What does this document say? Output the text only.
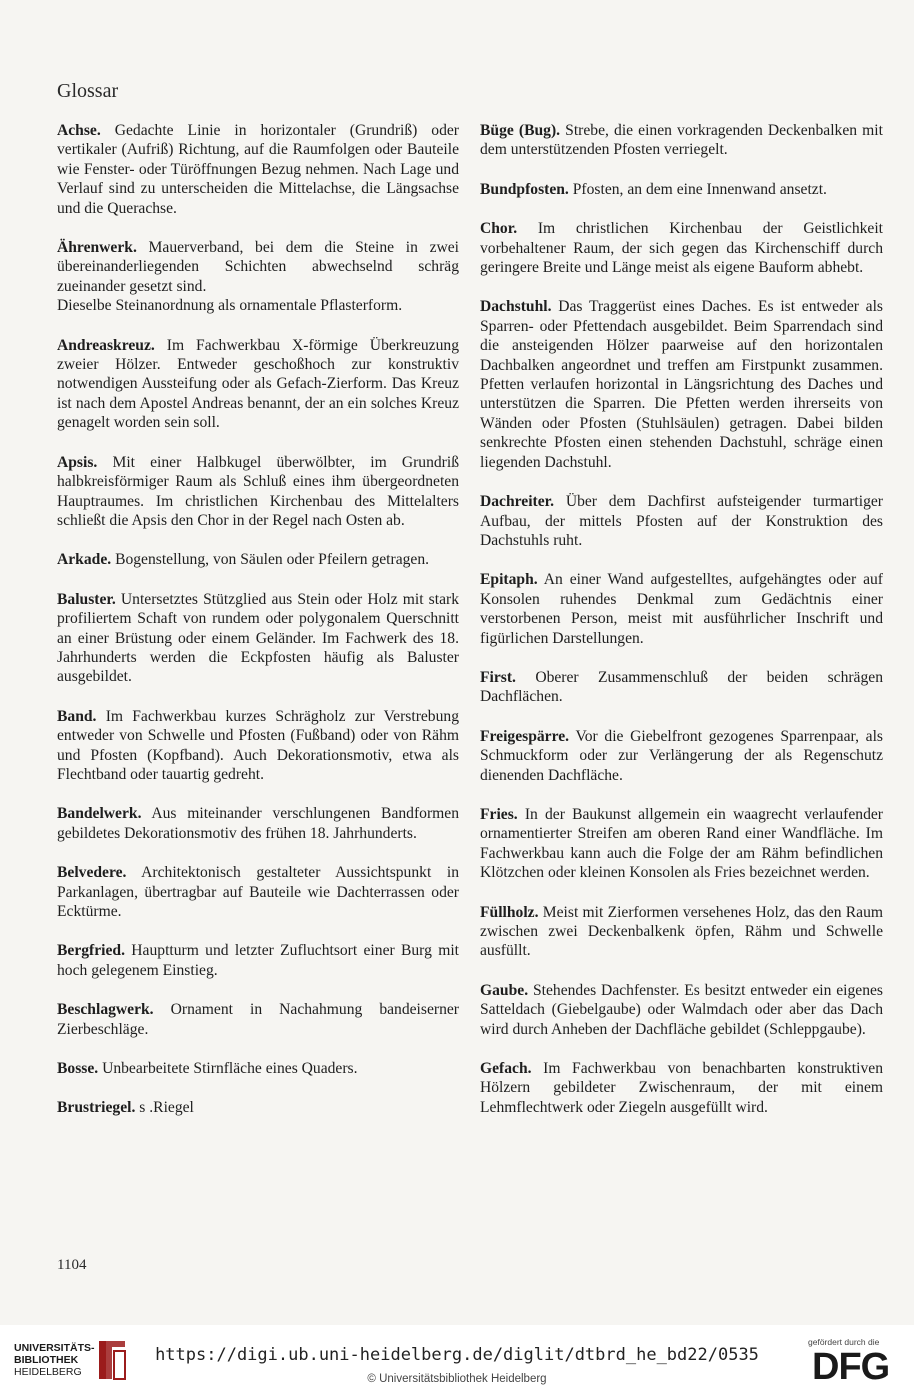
Glossar

Achse. Gedachte Linie in horizontaler (Grundriß) oder vertikaler (Aufriß) Richtung, auf die Raumfolgen oder Bauteile wie Fenster- oder Türöffnungen Bezug nehmen. Nach Lage und Verlauf sind zu unterscheiden die Mittelachse, die Längsachse und die Querachse.

Ährenwerk. Mauerverband, bei dem die Steine in zwei übereinanderliegenden Schichten abwechselnd schräg zueinander gesetzt sind.
Dieselbe Steinanordnung als ornamentale Pflasterform.

Andreaskreuz. Im Fachwerkbau X-förmige Überkreuzung zweier Hölzer. Entweder geschoßhoch zur konstruktiv notwendigen Aussteifung oder als Gefach-Zierform. Das Kreuz ist nach dem Apostel Andreas benannt, der an ein solches Kreuz genagelt worden sein soll.

Apsis. Mit einer Halbkugel überwölbter, im Grundriß halbkreisförmiger Raum als Schluß eines ihm übergeordneten Hauptraumes. Im christlichen Kirchenbau des Mittelalters schließt die Apsis den Chor in der Regel nach Osten ab.

Arkade. Bogenstellung, von Säulen oder Pfeilern getragen.

Baluster. Untersetztes Stützglied aus Stein oder Holz mit stark profiliertem Schaft von rundem oder polygonalem Querschnitt an einer Brüstung oder einem Geländer. Im Fachwerk des 18. Jahrhunderts werden die Eckpfosten häufig als Baluster ausgebildet.

Band. Im Fachwerkbau kurzes Schrägholz zur Verstrebung entweder von Schwelle und Pfosten (Fußband) oder von Rähm und Pfosten (Kopfband). Auch Dekorationsmotiv, etwa als Flechtband oder tauartig gedreht.

Bandelwerk. Aus miteinander verschlungenen Bandformen gebildetes Dekorationsmotiv des frühen 18. Jahrhunderts.

Belvedere. Architektonisch gestalteter Aussichtspunkt in Parkanlagen, übertragbar auf Bauteile wie Dachterrassen oder Ecktürme.

Bergfried. Hauptturm und letzter Zufluchtsort einer Burg mit hoch gelegenem Einstieg.

Beschlagwerk. Ornament in Nachahmung bandeiserner Zierbeschläge.

Bosse. Unbearbeitete Stirnfläche eines Quaders.

Brustriegel. s .Riegel

Büge (Bug). Strebe, die einen vorkragenden Deckenbalken mit dem unterstützenden Pfosten verriegelt.

Bundpfosten. Pfosten, an dem eine Innenwand ansetzt.

Chor. Im christlichen Kirchenbau der Geistlichkeit vorbehaltener Raum, der sich gegen das Kirchenschiff durch geringere Breite und Länge meist als eigene Bauform abhebt.

Dachstuhl. Das Traggerüst eines Daches. Es ist entweder als Sparren- oder Pfettendach ausgebildet. Beim Sparrendach sind die ansteigenden Hölzer paarweise auf den horizontalen Dachbalken angeordnet und treffen am Firstpunkt zusammen. Pfetten verlaufen horizontal in Längsrichtung des Daches und unterstützen die Sparren. Die Pfetten werden ihrerseits von Wänden oder Pfosten (Stuhlsäulen) getragen. Dabei bilden senkrechte Pfosten einen stehenden Dachstuhl, schräge einen liegenden Dachstuhl.

Dachreiter. Über dem Dachfirst aufsteigender turmartiger Aufbau, der mittels Pfosten auf der Konstruktion des Dachstuhls ruht.

Epitaph. An einer Wand aufgestelltes, aufgehängtes oder auf Konsolen ruhendes Denkmal zum Gedächtnis einer verstorbenen Person, meist mit ausführlicher Inschrift und figürlichen Darstellungen.

First. Oberer Zusammenschluß der beiden schrägen Dachflächen.

Freigespärre. Vor die Giebelfront gezogenes Sparrenpaar, als Schmuckform oder zur Verlängerung der als Regenschutz dienenden Dachfläche.

Fries. In der Baukunst allgemein ein waagrecht verlaufender ornamentierter Streifen am oberen Rand einer Wandfläche. Im Fachwerkbau kann auch die Folge der am Rähm befindlichen Klötzchen oder kleinen Konsolen als Fries bezeichnet werden.

Füllholz. Meist mit Zierformen versehenes Holz, das den Raum zwischen zwei Deckenbalkenk öpfen, Rähm und Schwelle ausfüllt.

Gaube. Stehendes Dachfenster. Es besitzt entweder ein eigenes Satteldach (Giebelgaube) oder Walmdach oder aber das Dach wird durch Anheben der Dachfläche gebildet (Schleppgaube).

Gefach. Im Fachwerkbau von benachbarten konstruktiven Hölzern gebildeter Zwischenraum, der mit einem Lehmflechtwerk oder Ziegeln ausgefüllt wird.

1104
UNIVERSITÄTS-
BIBLIOTHEK
HEIDELBERG
https://digi.ub.uni-heidelberg.de/diglit/dtbrd_he_bd22/0535
© Universitätsbibliothek Heidelberg
gefördert durch die
DFG
